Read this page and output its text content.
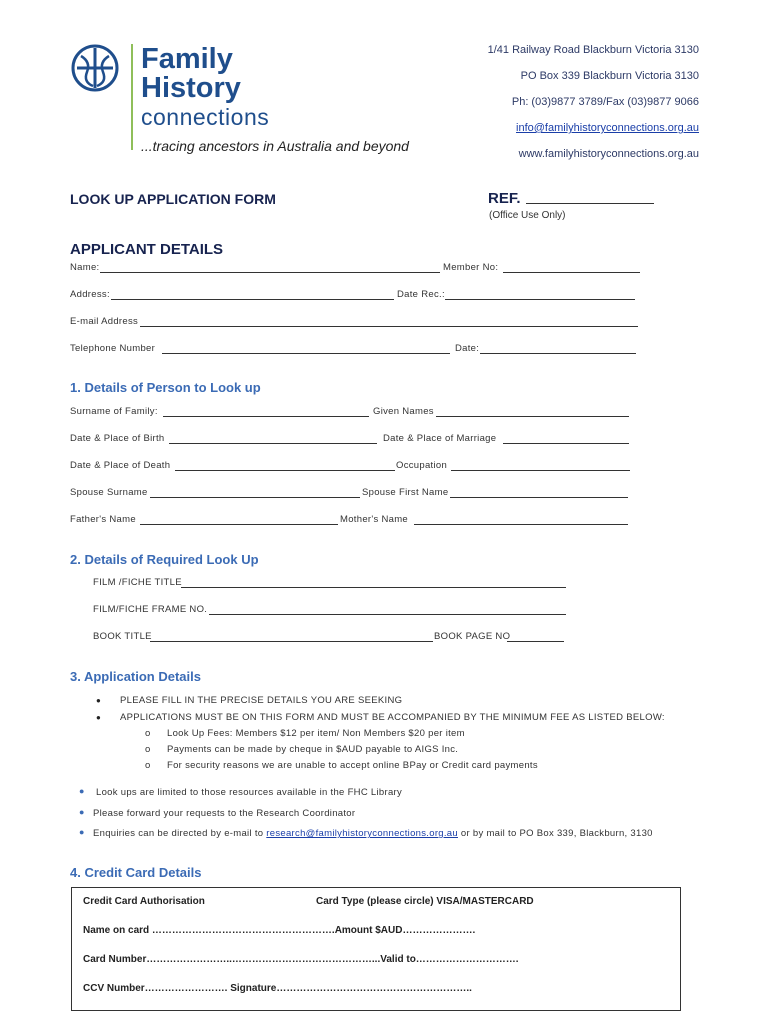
Family
History
connections
...tracing ancestors in Australia and beyond
1/41 Railway Road Blackburn Victoria 3130
PO Box 339 Blackburn Victoria 3130
Ph: (03)9877 3789/Fax (03)9877 9066
info@familyhistoryconnections.org.au
www.familyhistoryconnections.org.au
LOOK UP APPLICATION FORM	REF.
(Office Use Only)
APPLICANT DETAILS
Name:	Member No:
Address:	Date Rec.:
E-mail Address
Telephone Number	Date:
1. Details of Person to Look up
Surname of Family:	Given Names
Date & Place of Birth	Date & Place of Marriage
Date & Place of Death	Occupation
Spouse Surname	Spouse First Name
Father's Name	Mother's Name
2. Details of Required Look Up
FILM /FICHE TITLE
FILM/FICHE FRAME NO.
BOOK TITLE	BOOK PAGE NO
3. Application Details
● PLEASE FILL IN THE PRECISE DETAILS YOU ARE SEEKING
● APPLICATIONS MUST BE ON THIS FORM AND MUST BE ACCOMPANIED BY THE MINIMUM FEE AS LISTED BELOW:
o Look Up Fees: Members $12 per item/ Non Members $20 per item
o Payments can be made by cheque in $AUD payable to AIGS Inc.
o For security reasons we are unable to accept online BPay or Credit card payments
● Look ups are limited to those resources available in the FHC Library
● Please forward your requests to the Research Coordinator
● Enquiries can be directed by e-mail to research@familyhistoryconnections.org.au or by mail to PO Box 339, Blackburn, 3130
4. Credit Card Details
Credit Card Authorisation	Card Type (please circle) VISA/MASTERCARD
Name on card ……………………………………………….Amount $AUD………………….
Card Number……………………..……………………………………...Valid to………………………….
CCV Number……………………. Signature…………………………………………………..
